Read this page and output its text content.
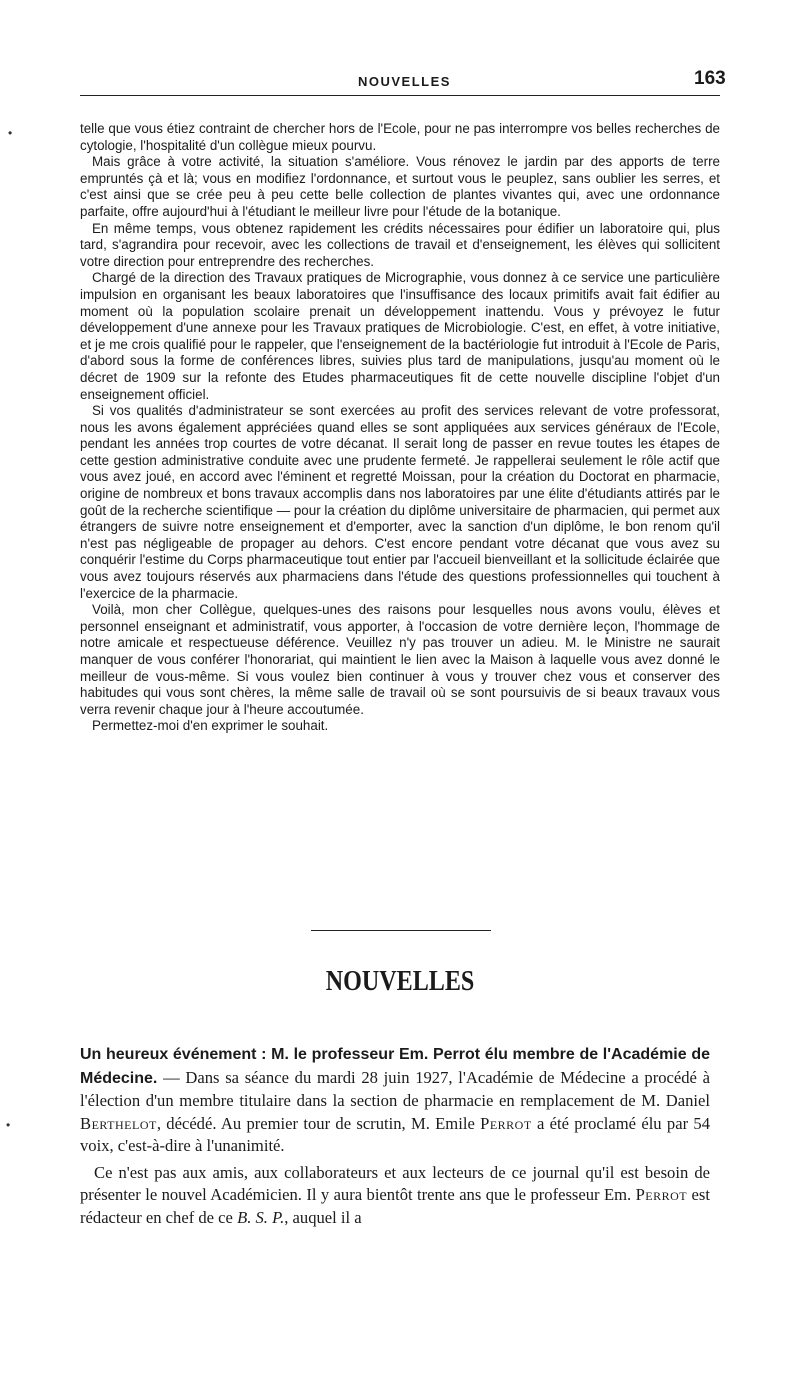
NOUVELLES	163
•	telle que vous étiez contraint de chercher hors de l'Ecole, pour ne pas interrompre vos belles recherches de cytologie, l'hospitalité d'un collègue mieux pourvu.

Mais grâce à votre activité, la situation s'améliore. Vous rénovez le jardin par des apports de terre empruntés çà et là; vous en modifiez l'ordonnance, et surtout vous le peuplez, sans oublier les serres, et c'est ainsi que se crée peu à peu cette belle collection de plantes vivantes qui, avec une ordonnance parfaite, offre aujourd'hui à l'étudiant le meilleur livre pour l'étude de la botanique.

En même temps, vous obtenez rapidement les crédits nécessaires pour édifier un laboratoire qui, plus tard, s'agrandira pour recevoir, avec les collections de travail et d'enseignement, les élèves qui sollicitent votre direction pour entreprendre des recherches.

Chargé de la direction des Travaux pratiques de Micrographie, vous donnez à ce service une particulière impulsion en organisant les beaux laboratoires que l'insuffisance des locaux primitifs avait fait édifier au moment où la population scolaire prenait un développement inattendu. Vous y prévoyez le futur développement d'une annexe pour les Travaux pratiques de Microbiologie. C'est, en effet, à votre initiative, et je me crois qualifié pour le rappeler, que l'enseignement de la bactériologie fut introduit à l'Ecole de Paris, d'abord sous la forme de conférences libres, suivies plus tard de manipulations, jusqu'au moment où le décret de 1909 sur la refonte des Etudes pharmaceutiques fit de cette nouvelle discipline l'objet d'un enseignement officiel.

Si vos qualités d'administrateur se sont exercées au profit des services relevant de votre professorat, nous les avons également appréciées quand elles se sont appliquées aux services généraux de l'Ecole, pendant les années trop courtes de votre décanat. Il serait long de passer en revue toutes les étapes de cette gestion administrative conduite avec une prudente fermeté. Je rappellerai seulement le rôle actif que vous avez joué, en accord avec l'éminent et regretté Moissan, pour la création du Doctorat en pharmacie, origine de nombreux et bons travaux accomplis dans nos laboratoires par une élite d'étudiants attirés par le goût de la recherche scientifique — pour la création du diplôme universitaire de pharmacien, qui permet aux étrangers de suivre notre enseignement et d'emporter, avec la sanction d'un diplôme, le bon renom qu'il n'est pas négligeable de propager au dehors. C'est encore pendant votre décanat que vous avez su conquérir l'estime du Corps pharmaceutique tout entier par l'accueil bienveillant et la sollicitude éclairée que vous avez toujours réservés aux pharmaciens dans l'étude des questions professionnelles qui touchent à l'exercice de la pharmacie.

Voilà, mon cher Collègue, quelques-unes des raisons pour lesquelles nous avons voulu, élèves et personnel enseignant et administratif, vous apporter, à l'occasion de votre dernière leçon, l'hommage de notre amicale et respectueuse déférence. Veuillez n'y pas trouver un adieu. M. le Ministre ne saurait manquer de vous conférer l'honorariat, qui maintient le lien avec la Maison à laquelle vous avez donné le meilleur de vous-même. Si vous voulez bien continuer à vous y trouver chez vous et conserver des habitudes qui vous sont chères, la même salle de travail où se sont poursuivis de si beaux travaux vous verra revenir chaque jour à l'heure accoutumée.

Permettez-moi d'en exprimer le souhait.

NOUVELLES
•

Un heureux événement : M. le professeur Em. Perrot élu membre de l'Académie de Médecine. — Dans sa séance du mardi 28 juin 1927, l'Académie de Médecine a procédé à l'élection d'un membre titulaire dans la section de pharmacie en remplacement de M. Daniel Berthelot, décédé. Au premier tour de scrutin, M. Emile Perrot a été proclamé élu par 54 voix, c'est-à-dire à l'unanimité.

Ce n'est pas aux amis, aux collaborateurs et aux lecteurs de ce journal qu'il est besoin de présenter le nouvel Académicien. Il y aura bientôt trente ans que le professeur Em. Perrot est rédacteur en chef de ce B. S. P., auquel il a
